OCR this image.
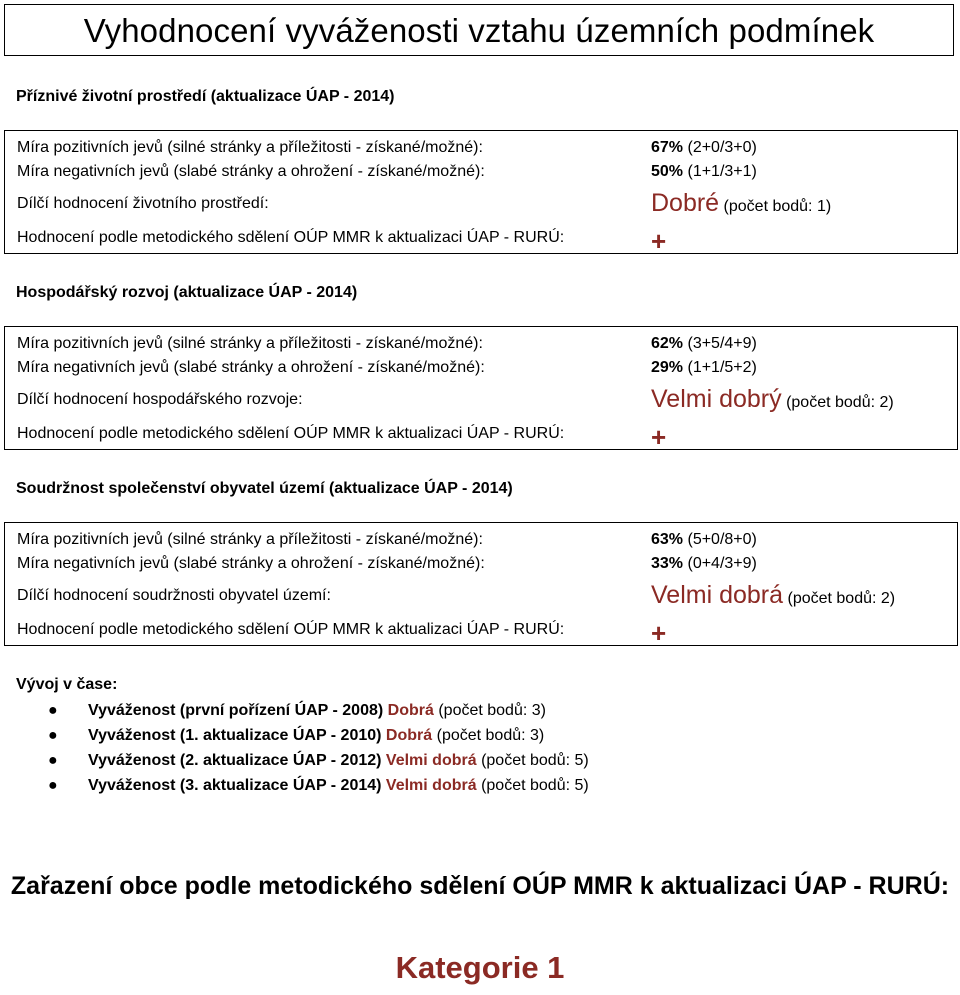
Vyhodnocení vyváženosti vztahu územních podmínek
Příznivé životní prostředí (aktualizace ÚAP - 2014)
Míra pozitivních jevů (silné stránky a příležitosti - získané/možné):	67% (2+0/3+0)
Míra negativních jevů (slabé stránky a ohrožení - získané/možné):	50% (1+1/3+1)
Dílčí hodnocení životního prostředí:	Dobré (počet bodů: 1)
Hodnocení podle metodického sdělení OÚP MMR k aktualizaci ÚAP - RURÚ:	+
Hospodářský rozvoj (aktualizace ÚAP - 2014)
Míra pozitivních jevů (silné stránky a příležitosti - získané/možné):	62% (3+5/4+9)
Míra negativních jevů (slabé stránky a ohrožení - získané/možné):	29% (1+1/5+2)
Dílčí hodnocení hospodářského rozvoje:	Velmi dobrý (počet bodů: 2)
Hodnocení podle metodického sdělení OÚP MMR k aktualizaci ÚAP - RURÚ:	+
Soudržnost společenství obyvatel území (aktualizace ÚAP - 2014)
Míra pozitivních jevů (silné stránky a příležitosti - získané/možné):	63% (5+0/8+0)
Míra negativních jevů (slabé stránky a ohrožení - získané/možné):	33% (0+4/3+9)
Dílčí hodnocení soudržnosti obyvatel území:	Velmi dobrá (počet bodů: 2)
Hodnocení podle metodického sdělení OÚP MMR k aktualizaci ÚAP - RURÚ:	+
Vývoj v čase:
● Vyváženost (první pořízení ÚAP - 2008) Dobrá (počet bodů: 3)
● Vyváženost (1. aktualizace ÚAP - 2010) Dobrá (počet bodů: 3)
● Vyváženost (2. aktualizace ÚAP - 2012) Velmi dobrá (počet bodů: 5)
● Vyváženost (3. aktualizace ÚAP - 2014) Velmi dobrá (počet bodů: 5)
Zařazení obce podle metodického sdělení OÚP MMR k aktualizaci ÚAP - RURÚ:
Kategorie 1
